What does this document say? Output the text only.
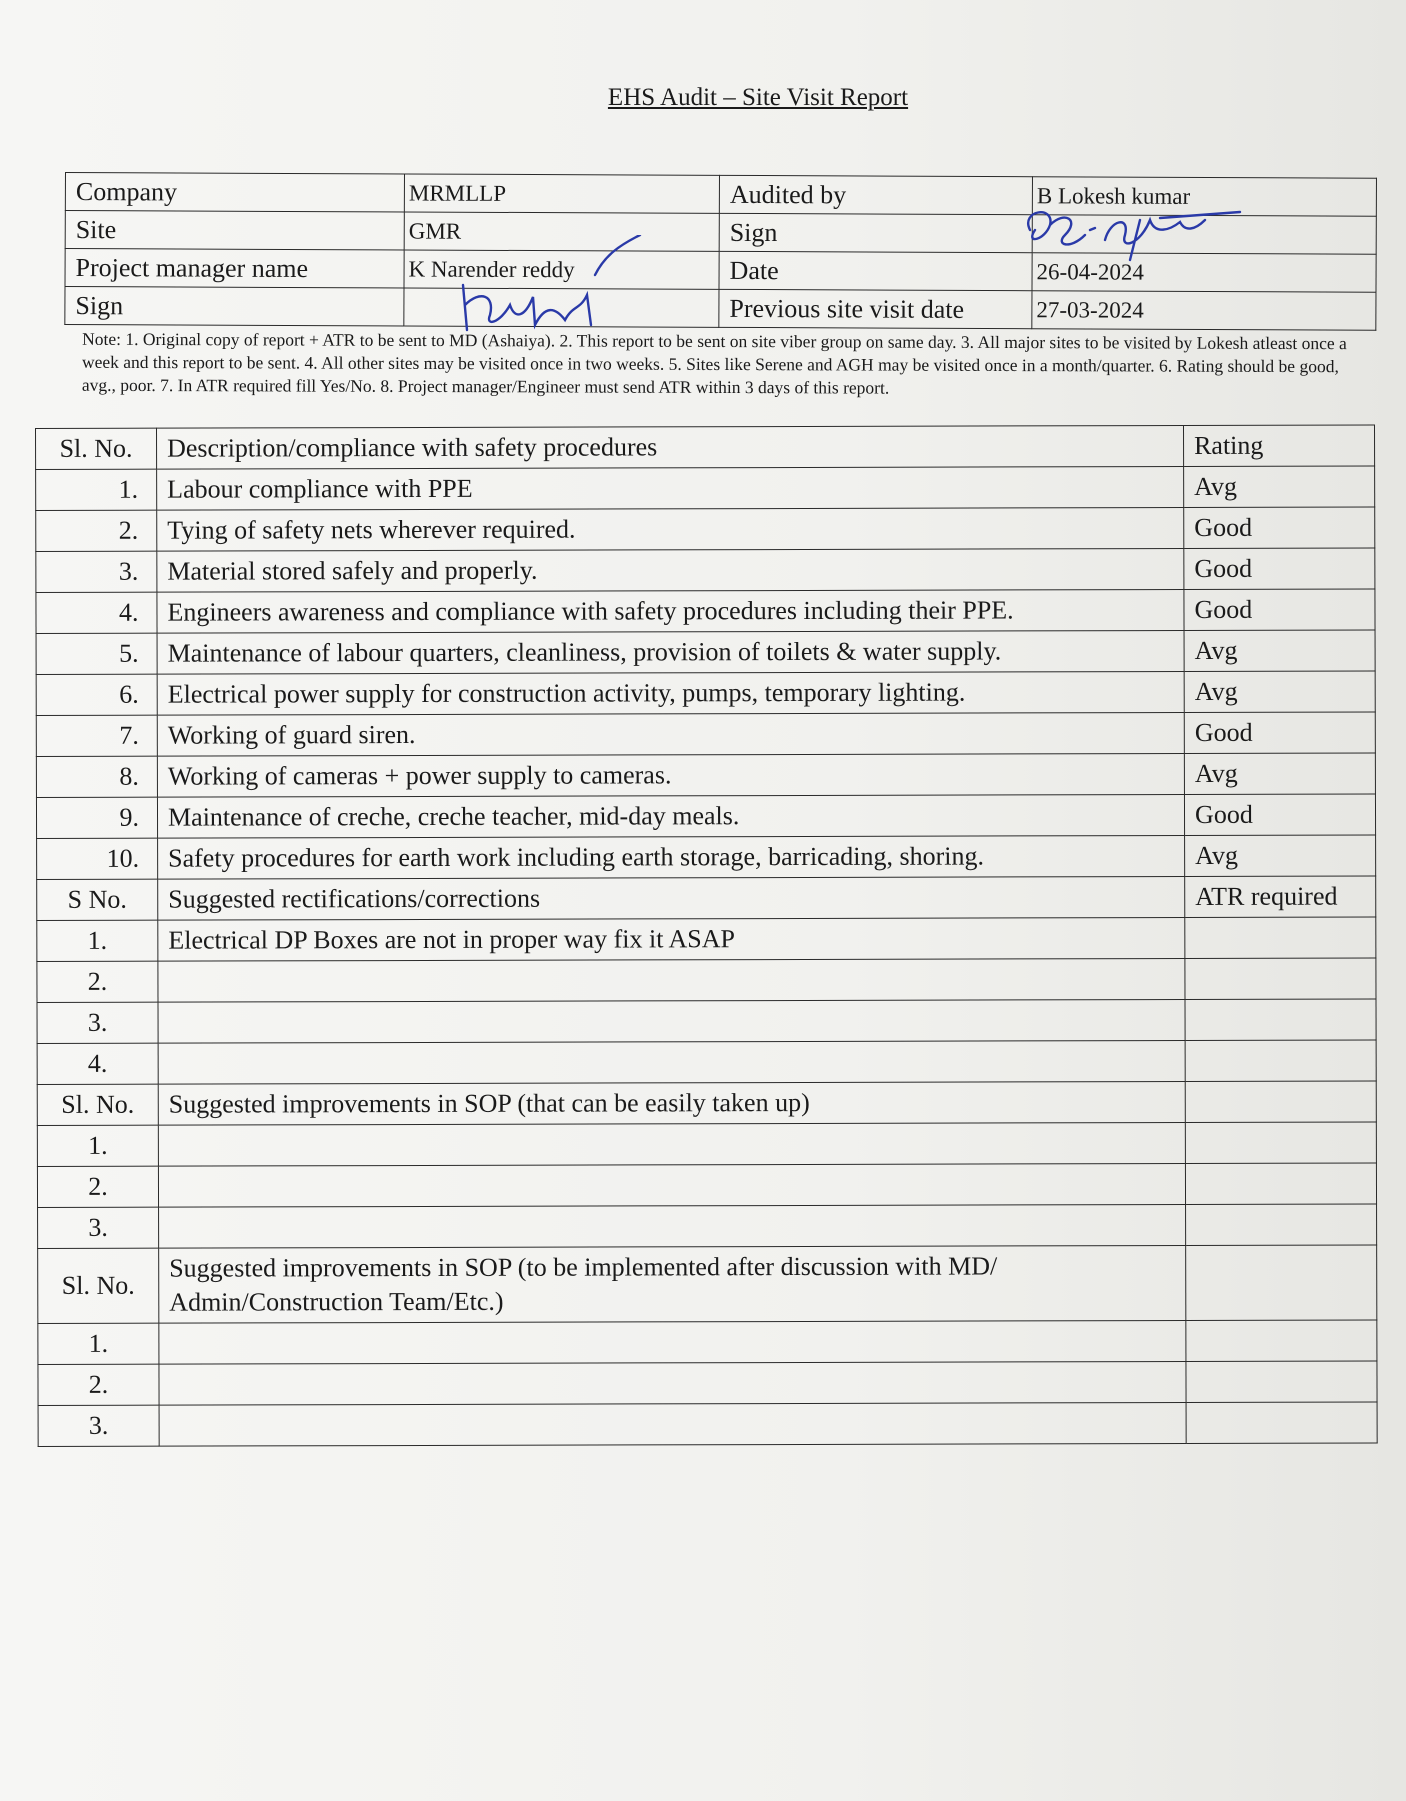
EHS Audit – Site Visit Report
Company	MRMLLP	Audited by	B Lokesh kumar
Site	GMR	Sign	
Project manager name	K Narender reddy	Date	26-04-2024
Sign		Previous site visit date	27-03-2024
Note: 1. Original copy of report + ATR to be sent to MD (Ashaiya). 2. This report to be sent on site viber group on same day. 3. All major sites to be visited by Lokesh atleast once a week and this report to be sent. 4. All other sites may be visited once in two weeks. 5. Sites like Serene and AGH may be visited once in a month/quarter. 6. Rating should be good, avg., poor. 7. In ATR required fill Yes/No. 8. Project manager/Engineer must send ATR within 3 days of this report.
Sl. No.	Description/compliance with safety procedures	Rating
1.	Labour compliance with PPE	Avg
2.	Tying of safety nets wherever required.	Good
3.	Material stored safely and properly.	Good
4.	Engineers awareness and compliance with safety procedures including their PPE.	Good
5.	Maintenance of labour quarters, cleanliness, provision of toilets & water supply.	Avg
6.	Electrical power supply for construction activity, pumps, temporary lighting.	Avg
7.	Working of guard siren.	Good
8.	Working of cameras + power supply to cameras.	Avg
9.	Maintenance of creche, creche teacher, mid-day meals.	Good
10.	Safety procedures for earth work including earth storage, barricading, shoring.	Avg
S No.	Suggested rectifications/corrections	ATR required
1.	Electrical DP Boxes are not in proper way fix it ASAP	
2.		
3.		
4.		
Sl. No.	Suggested improvements in SOP (that can be easily taken up)	
1.		
2.		
3.		
Sl. No.	Suggested improvements in SOP (to be implemented after discussion with MD/ Admin/Construction Team/Etc.)	
1.		
2.		
3.		
